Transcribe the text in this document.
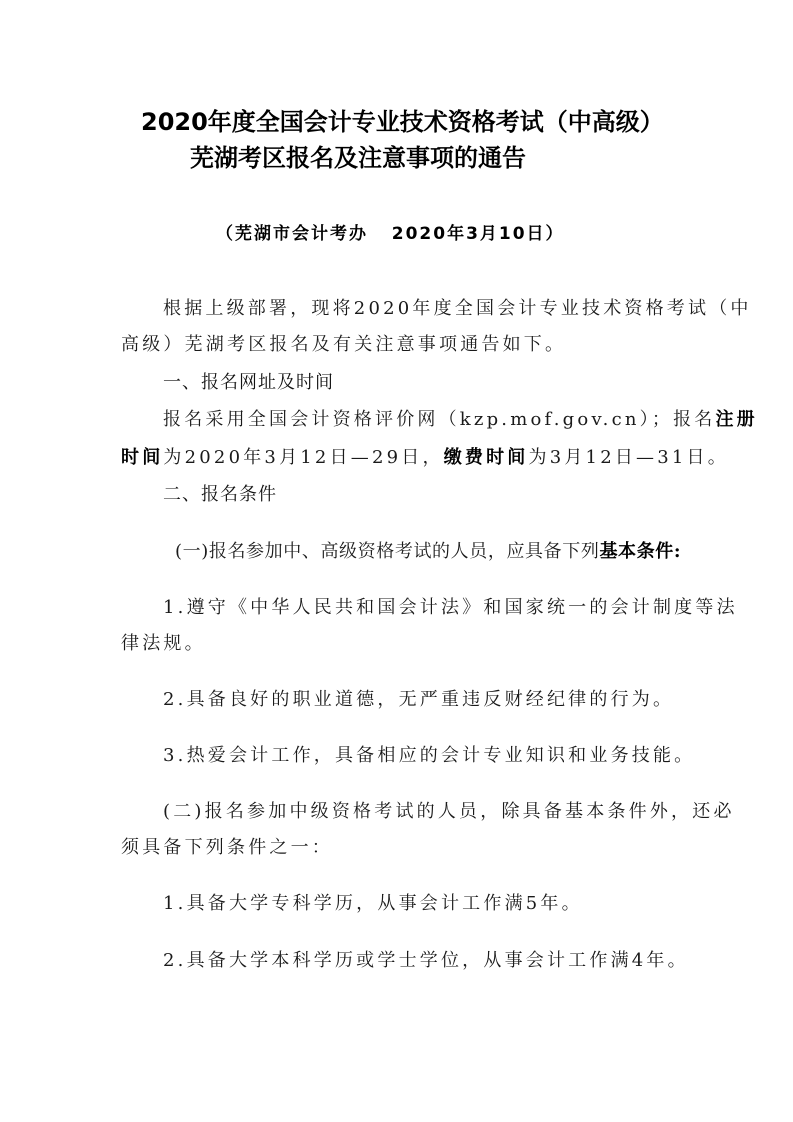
2020年度全国会计专业技术资格考试（中高级）
芜湖考区报名及注意事项的通告
（芜湖市会计考办   2020年3月10日）
根据上级部署，现将2020年度全国会计专业技术资格考试（中
高级）芜湖考区报名及有关注意事项通告如下。
一、报名网址及时间
报名采用全国会计资格评价网（kzp.mof.gov.cn）；报名注册
时间为2020年3月12日—29日，缴费时间为3月12日—31日。
二、报名条件
(一)报名参加中、高级资格考试的人员，应具备下列基本条件:
1.遵守《中华人民共和国会计法》和国家统一的会计制度等法
律法规。
2.具备良好的职业道德，无严重违反财经纪律的行为。
3.热爱会计工作，具备相应的会计专业知识和业务技能。
(二)报名参加中级资格考试的人员，除具备基本条件外，还必
须具备下列条件之一：
1.具备大学专科学历，从事会计工作满5年。
2.具备大学本科学历或学士学位，从事会计工作满4年。
